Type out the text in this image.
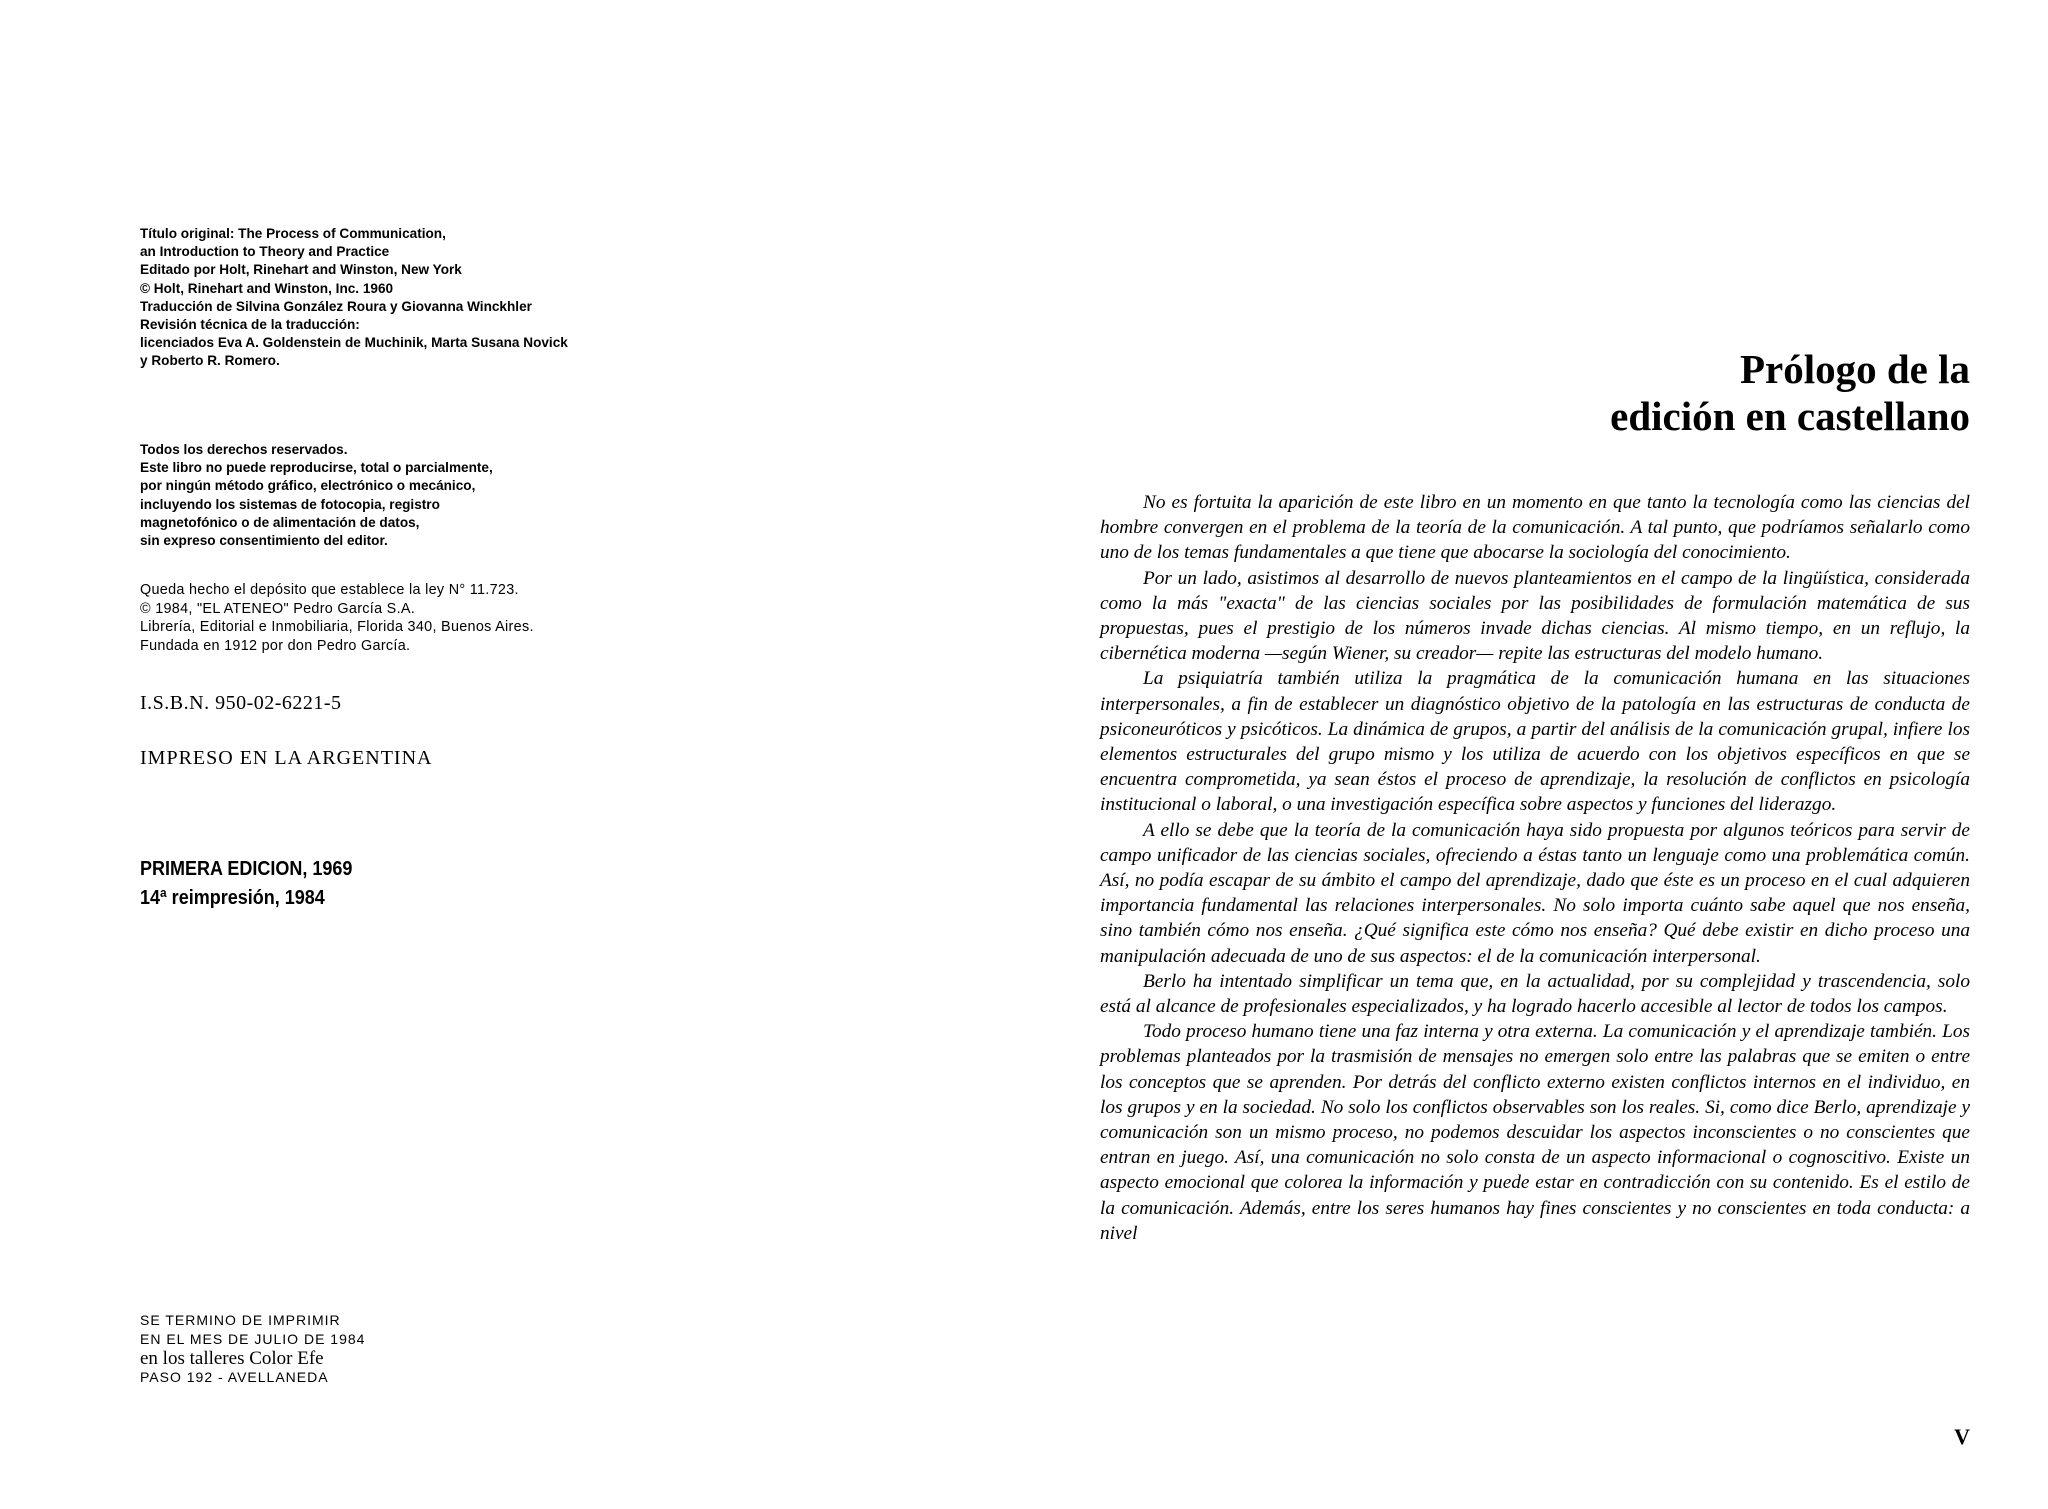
Título original: The Process of Communication,
an Introduction to Theory and Practice
Editado por Holt, Rinehart and Winston, New York
© Holt, Rinehart and Winston, Inc. 1960
Traducción de Silvina González Roura y Giovanna Winckhler
Revisión técnica de la traducción:
licenciados Eva A. Goldenstein de Muchinik, Marta Susana Novick
y Roberto R. Romero.
Todos los derechos reservados.
Este libro no puede reproducirse, total o parcialmente,
por ningún método gráfico, electrónico o mecánico,
incluyendo los sistemas de fotocopia, registro
magnetofónico o de alimentación de datos,
sin expreso consentimiento del editor.
Queda hecho el depósito que establece la ley N° 11.723.
© 1984, "EL ATENEO" Pedro García S.A.
Librería, Editorial e Inmobiliaria, Florida 340, Buenos Aires.
Fundada en 1912 por don Pedro García.
I.S.B.N. 950-02-6221-5
IMPRESO EN LA ARGENTINA
PRIMERA EDICION, 1969
14ª reimpresión, 1984
SE TERMINO DE IMPRIMIR
EN EL MES DE JULIO DE 1984
en los talleres Color Efe
PASO 192 - AVELLANEDA
Prólogo de la
edición en castellano

No es fortuita la aparición de este libro en un momento en que tanto la tecnología como las ciencias del hombre convergen en el problema de la teoría de la comunicación. A tal punto, que podríamos señalarlo como uno de los temas fundamentales a que tiene que abocarse la sociología del conocimiento.

Por un lado, asistimos al desarrollo de nuevos planteamientos en el campo de la lingüística, considerada como la más "exacta" de las ciencias sociales por las posibilidades de formulación matemática de sus propuestas, pues el prestigio de los números invade dichas ciencias. Al mismo tiempo, en un reflujo, la cibernética moderna —según Wiener, su creador— repite las estructuras del modelo humano.

La psiquiatría también utiliza la pragmática de la comunicación humana en las situaciones interpersonales, a fin de establecer un diagnóstico objetivo de la patología en las estructuras de conducta de psiconeuróticos y psicóticos. La dinámica de grupos, a partir del análisis de la comunicación grupal, infiere los elementos estructurales del grupo mismo y los utiliza de acuerdo con los objetivos específicos en que se encuentra comprometida, ya sean éstos el proceso de aprendizaje, la resolución de conflictos en psicología institucional o laboral, o una investigación específica sobre aspectos y funciones del liderazgo.

A ello se debe que la teoría de la comunicación haya sido propuesta por algunos teóricos para servir de campo unificador de las ciencias sociales, ofreciendo a éstas tanto un lenguaje como una problemática común. Así, no podía escapar de su ámbito el campo del aprendizaje, dado que éste es un proceso en el cual adquieren importancia fundamental las relaciones interpersonales. No solo importa cuánto sabe aquel que nos enseña, sino también cómo nos enseña. ¿Qué significa este cómo nos enseña? Qué debe existir en dicho proceso una manipulación adecuada de uno de sus aspectos: el de la comunicación interpersonal.

Berlo ha intentado simplificar un tema que, en la actualidad, por su complejidad y trascendencia, solo está al alcance de profesionales especializados, y ha logrado hacerlo accesible al lector de todos los campos.

Todo proceso humano tiene una faz interna y otra externa. La comunicación y el aprendizaje también. Los problemas planteados por la trasmisión de mensajes no emergen solo entre las palabras que se emiten o entre los conceptos que se aprenden. Por detrás del conflicto externo existen conflictos internos en el individuo, en los grupos y en la sociedad. No solo los conflictos observables son los reales. Si, como dice Berlo, aprendizaje y comunicación son un mismo proceso, no podemos descuidar los aspectos inconscientes o no conscientes que entran en juego. Así, una comunicación no solo consta de un aspecto informacional o cognoscitivo. Existe un aspecto emocional que colorea la información y puede estar en contradicción con su contenido. Es el estilo de la comunicación. Además, entre los seres humanos hay fines conscientes y no conscientes en toda conducta: a nivel

V
